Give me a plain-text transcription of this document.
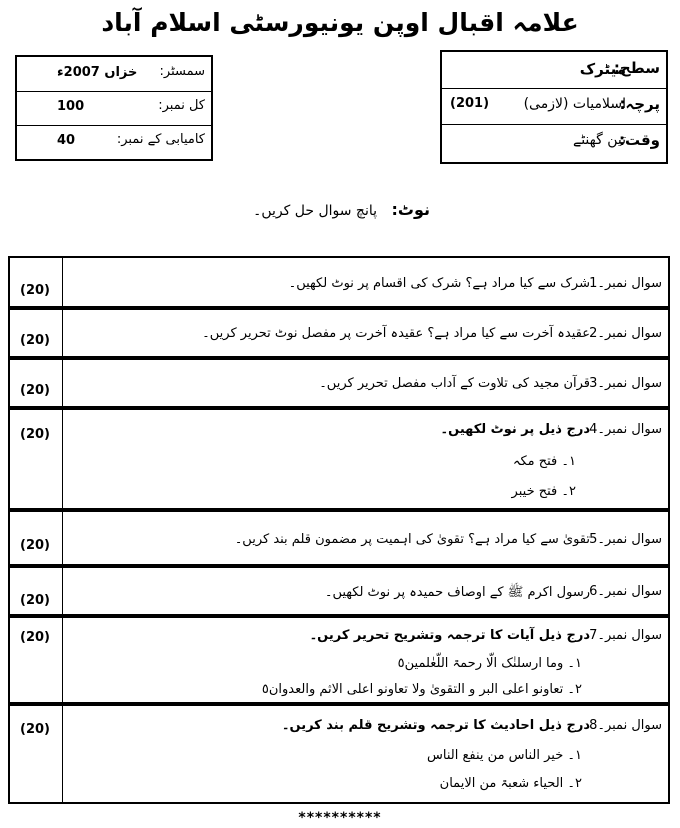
علامہ اقبال اوپن یونیورسٹی اسلام آباد
سمسٹر:
خزاں 2007ء
کل نمبر:
100
کامیابی کے نمبر:
40
سطح:
میٹرک
پرچہ:
اسلامیات (لازمی)
(201)
وقت:
تین گھنٹے
نوٹ: پانچ سوال حل کریں۔
(20)	سوال نمبر۔1
شرک سے کیا مراد ہے؟ شرک کی اقسام پر نوٹ لکھیں۔
(20)	سوال نمبر۔2
عقیدہ آخرت سے کیا مراد ہے؟ عقیدہ آخرت پر مفصل نوٹ تحریر کریں۔
(20)	سوال نمبر۔3
قرآن مجید کی تلاوت کے آداب مفصل تحریر کریں۔
(20)	سوال نمبر۔4
درج ذیل پر نوٹ لکھیں۔
۱۔ فتح مکہ
۲۔ فتح خیبر
(20)	سوال نمبر۔5
تقویٰ سے کیا مراد ہے؟ تقویٰ کی اہمیت پر مضمون قلم بند کریں۔
(20)
سوال نمبر۔6
رسول اکرم ﷺ کے اوصاف حمیدہ پر نوٹ لکھیں۔
(20)	سوال نمبر۔7
درج ذیل آیات کا ترجمہ وتشریح تحریر کریں۔
۱۔ وما ارسلنٰک الّا رحمۃ اللّعٰلمین٥
۲۔ تعاونو اعلی البر و التقویٰ ولا تعاونو اعلی الاثم والعدوان٥
(20)	سوال نمبر۔8
درج ذیل احادیث کا ترجمہ وتشریح قلم بند کریں۔
۱۔ خیر الناس من ینفع الناس
۲۔ الحیاء شعبۃ من الایمان
**********
